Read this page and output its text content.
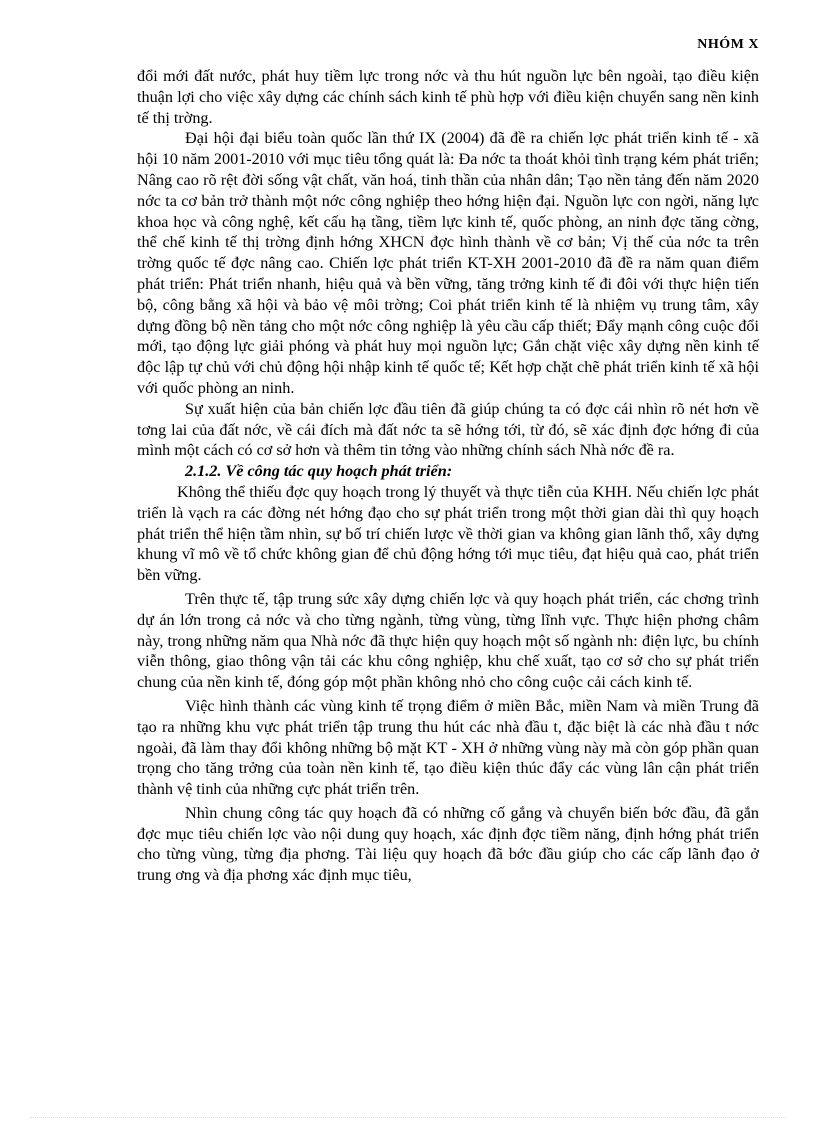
NHÓM X

đổi mới đất nước, phát huy tiềm lực trong nớc và thu hút nguồn lực bên ngoài, tạo điều kiện thuận lợi cho việc xây dựng các chính sách kinh tế phù hợp với điều kiện chuyển sang nền kinh tế thị trờng.

Đại hội đại biểu toàn quốc lần thứ IX (2004) đã đề ra chiến lợc phát triển kinh tế - xã hội 10 năm 2001-2010 với mục tiêu tổng quát là: Đa nớc ta thoát khỏi tình trạng kém phát triển; Nâng cao rõ rệt đời sống vật chất, văn hoá, tinh thần của nhân dân; Tạo nền tảng đến năm 2020 nớc ta cơ bản trở thành một nớc công nghiệp theo hớng hiện đại. Nguồn lực con ngời, năng lực khoa học và công nghệ, kết cấu hạ tầng, tiềm lực kinh tế, quốc phòng, an ninh đợc tăng cờng, thể chế kinh tế thị trờng định hớng XHCN đợc hình thành về cơ bản; Vị thế của nớc ta trên trờng quốc tế đợc nâng cao. Chiến lợc phát triển KT-XH 2001-2010 đã đề ra năm quan điểm phát triển: Phát triển nhanh, hiệu quả và bền vững, tăng trởng kinh tế đi đôi với thực hiện tiến bộ, công bằng xã hội và bảo vệ môi trờng; Coi phát triển kinh tế là nhiệm vụ trung tâm, xây dựng đồng bộ nền tảng cho một nớc công nghiệp là yêu cầu cấp thiết; Đẩy mạnh công cuộc đổi mới, tạo động lực giải phóng và phát huy mọi nguồn lực; Gắn chặt việc xây dựng nền kinh tế độc lập tự chủ với chủ động hội nhập kinh tế quốc tế; Kết hợp chặt chẽ phát triển kinh tế xã hội với quốc phòng an ninh.

Sự xuất hiện của bản chiến lợc đầu tiên đã giúp chúng ta có đợc cái nhìn rõ nét hơn về tơng lai của đất nớc, về cái đích mà đất nớc ta sẽ hớng tới, từ đó, sẽ xác định đợc hớng đi của mình một cách có cơ sở hơn và thêm tin tởng vào những chính sách Nhà nớc đề ra.

2.1.2. Về công tác quy hoạch phát triển:

Không thể thiếu đợc quy hoạch trong lý thuyết và thực tiễn của KHH. Nếu chiến lợc phát triển là vạch ra các đờng nét hớng đạo cho sự phát triển trong một thời gian dài thì quy hoạch phát triển thể hiện tầm nhìn, sự bố trí chiến lược về thời gian va không gian lãnh thổ, xây dựng khung vĩ mô về tổ chức không gian để chủ động hớng tới mục tiêu, đạt hiệu quả cao, phát triển bền vững.

Trên thực tế, tập trung sức xây dựng chiến lợc và quy hoạch phát triển, các chơng trình dự án lớn trong cả nớc và cho từng ngành, từng vùng, từng lĩnh vực. Thực hiện phơng châm này, trong những năm qua Nhà nớc đã thực hiện quy hoạch một số ngành nh: điện lực, bu chính viễn thông, giao thông vận tải các khu công nghiệp, khu chế xuất, tạo cơ sở cho sự phát triển chung của nền kinh tế, đóng góp một phần không nhỏ cho công cuộc cải cách kinh tế.

Việc hình thành các vùng kinh tế trọng điểm ở miền Bắc, miền Nam và miền Trung đã tạo ra những khu vực phát triển tập trung thu hút các nhà đầu t, đặc biệt là các nhà đầu t nớc ngoài, đã làm thay đổi không những bộ mặt KT - XH ở những vùng này mà còn góp phần quan trọng cho tăng trởng của toàn nền kinh tế, tạo điều kiện thúc đẩy các vùng lân cận phát triển thành vệ tinh của những cực phát triển trên.

Nhìn chung công tác quy hoạch đã có những cố gắng và chuyển biến bớc đầu, đã gắn đợc mục tiêu chiến lợc vào nội dung quy hoạch, xác định đợc tiềm năng, định hớng phát triển cho từng vùng, từng địa phơng. Tài liệu quy hoạch đã bớc đầu giúp cho các cấp lãnh đạo ở trung ơng và địa phơng xác định mục tiêu,
